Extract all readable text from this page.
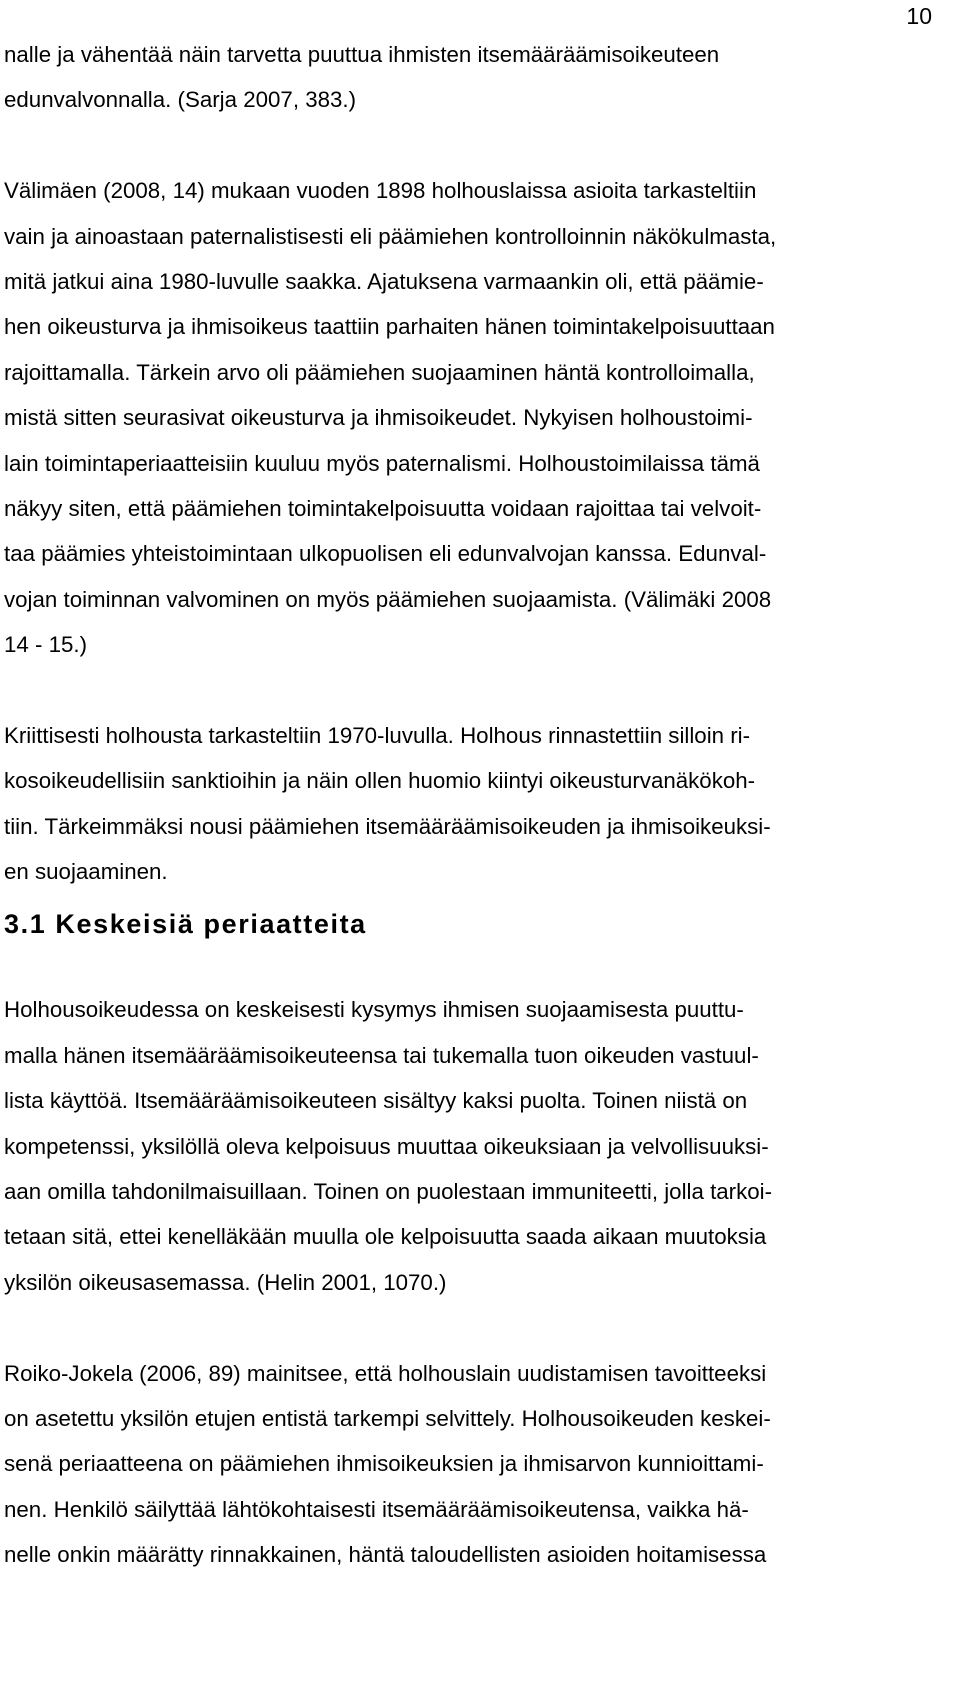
10
nalle ja vähentää näin tarvetta puuttua ihmisten itsemääräämisoikeuteen
edunvalvonnalla. (Sarja 2007, 383.)
Välimäen (2008, 14) mukaan vuoden 1898 holhouslaissa asioita tarkasteltiin
vain ja ainoastaan paternalistisesti eli päämiehen kontrolloinnin näkökulmasta,
mitä jatkui aina 1980-luvulle saakka. Ajatuksena varmaankin oli, että päämie-
hen oikeusturva ja ihmisoikeus taattiin parhaiten hänen toimintakelpoisuuttaan
rajoittamalla. Tärkein arvo oli päämiehen suojaaminen häntä kontrolloimalla,
mistä sitten seurasivat oikeusturva ja ihmisoikeudet. Nykyisen holhoustoimi-
lain toimintaperiaatteisiin kuuluu myös paternalismi. Holhoustoimilaissa tämä
näkyy siten, että päämiehen toimintakelpoisuutta voidaan rajoittaa tai velvoit-
taa päämies yhteistoimintaan ulkopuolisen eli edunvalvojan kanssa. Edunval-
vojan toiminnan valvominen on myös päämiehen suojaamista. (Välimäki 2008
14 - 15.)
Kriittisesti holhousta tarkasteltiin 1970-luvulla. Holhous rinnastettiin silloin ri-
kosoikeudellisiin sanktioihin ja näin ollen huomio kiintyi oikeusturvanäkökoh-
tiin. Tärkeimmäksi nousi päämiehen itsemääräämisoikeuden ja ihmisoikeuksi-
en suojaaminen.
3.1 Keskeisiä periaatteita
Holhousoikeudessa on keskeisesti kysymys ihmisen suojaamisesta puuttu-
malla hänen itsemääräämisoikeuteensa tai tukemalla tuon oikeuden vastuul-
lista käyttöä. Itsemääräämisoikeuteen sisältyy kaksi puolta. Toinen niistä on
kompetenssi, yksilöllä oleva kelpoisuus muuttaa oikeuksiaan ja velvollisuuksi-
aan omilla tahdonilmaisuillaan. Toinen on puolestaan immuniteetti, jolla tarkoi-
tetaan sitä, ettei kenelläkään muulla ole kelpoisuutta saada aikaan muutoksia
yksilön oikeusasemassa. (Helin 2001, 1070.)
Roiko-Jokela (2006, 89) mainitsee, että holhouslain uudistamisen tavoitteeksi
on asetettu yksilön etujen entistä tarkempi selvittely. Holhousoikeuden keskei-
senä periaatteena on päämiehen ihmisoikeuksien ja ihmisarvon kunnioittami-
nen. Henkilö säilyttää lähtökohtaisesti itsemääräämisoikeutensa, vaikka hä-
nelle onkin määrätty rinnakkainen, häntä taloudellisten asioiden hoitamisessa
